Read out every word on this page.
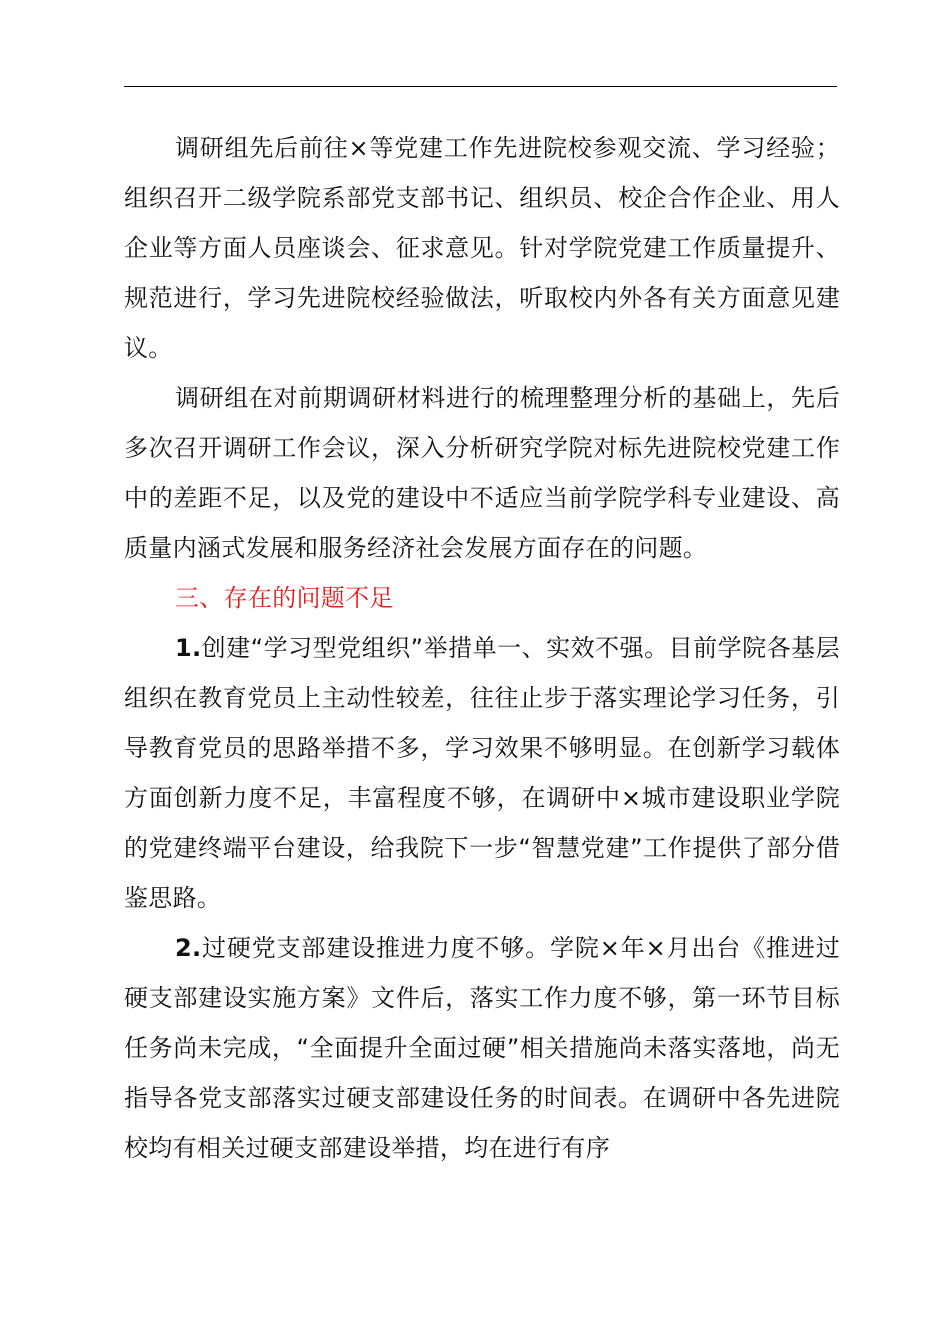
调研组先后前往×等党建工作先进院校参观交流、学习经验；组织召开二级学院系部党支部书记、组织员、校企合作企业、用人企业等方面人员座谈会、征求意见。针对学院党建工作质量提升、规范进行，学习先进院校经验做法，听取校内外各有关方面意见建议。

调研组在对前期调研材料进行的梳理整理分析的基础上，先后多次召开调研工作会议，深入分析研究学院对标先进院校党建工作中的差距不足，以及党的建设中不适应当前学院学科专业建设、高质量内涵式发展和服务经济社会发展方面存在的问题。

三、存在的问题不足

1.创建“学习型党组织”举措单一、实效不强。目前学院各基层组织在教育党员上主动性较差，往往止步于落实理论学习任务，引导教育党员的思路举措不多，学习效果不够明显。在创新学习载体方面创新力度不足，丰富程度不够，在调研中×城市建设职业学院的党建终端平台建设，给我院下一步“智慧党建”工作提供了部分借鉴思路。

2.过硬党支部建设推进力度不够。学院×年×月出台《推进过硬支部建设实施方案》文件后，落实工作力度不够，第一环节目标任务尚未完成，“全面提升全面过硬”相关措施尚未落实落地，尚无指导各党支部落实过硬支部建设任务的时间表。在调研中各先进院校均有相关过硬支部建设举措，均在进行有序
